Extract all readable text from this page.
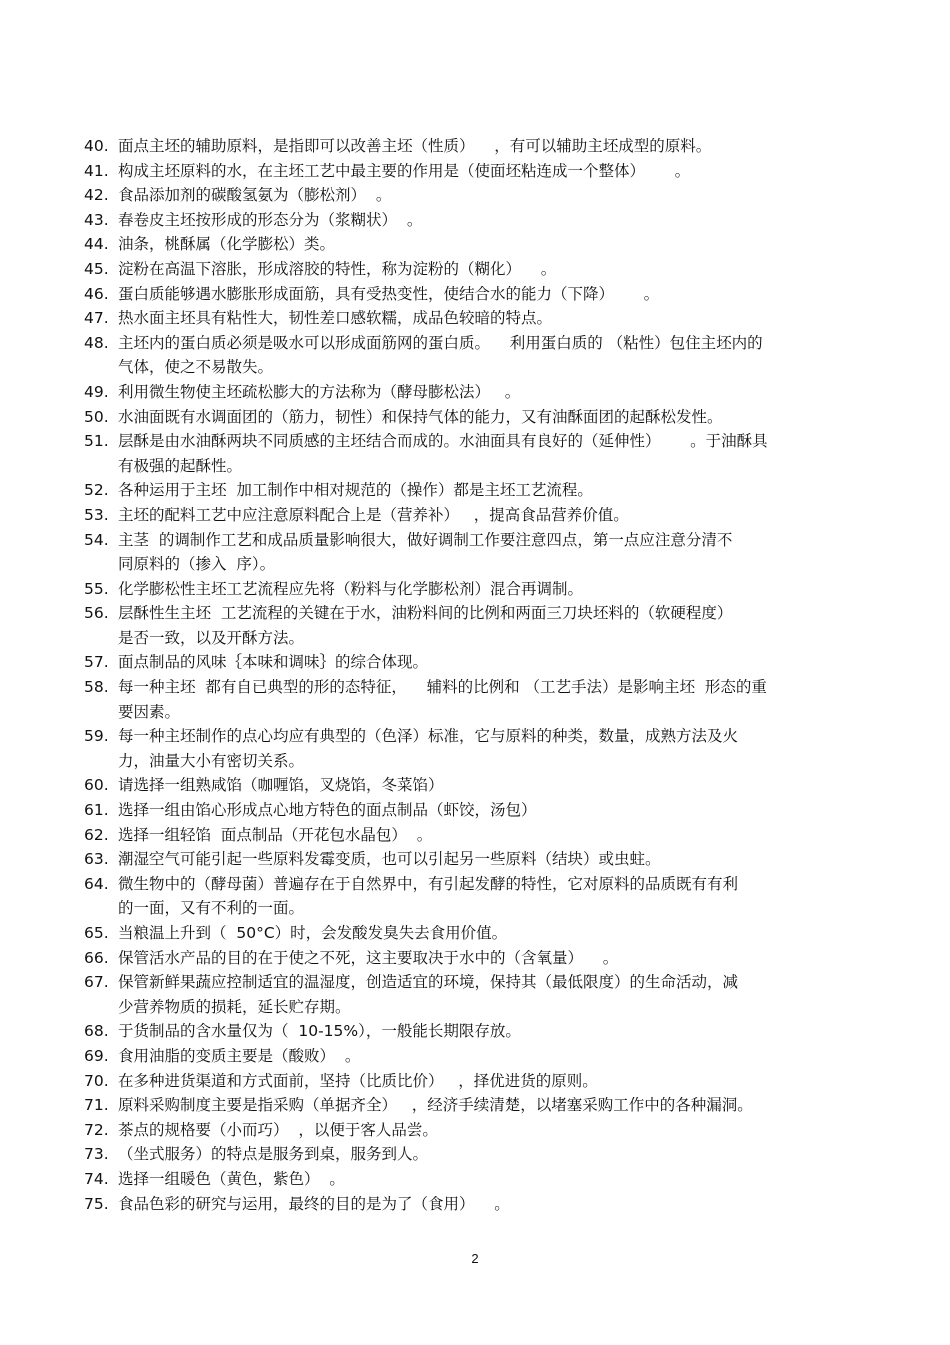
40. 面点主坯的辅助原料，是指即可以改善主坯（性质）    ，有可以辅助主坯成型的原料。
41. 构成主坯原料的水，在主坯工艺中最主要的作用是（使面坯粘连成一个整体）      。
42. 食品添加剂的碳酸氢氨为（膨松剂）  。
43. 春卷皮主坯按形成的形态分为（浆糊状）  。
44. 油条，桃酥属（化学膨松）类。
45. 淀粉在高温下溶胀，形成溶胶的特性，称为淀粉的（糊化）    。
46. 蛋白质能够遇水膨胀形成面筋，具有受热变性，使结合水的能力（下降）      。
47. 热水面主坯具有粘性大，韧性差口感软糯，成品色较暗的特点。
48. 主坯内的蛋白质必须是吸水可以形成面筋网的蛋白质。    利用蛋白质的 （粘性）包住主坯内的
气体，使之不易散失。
49. 利用微生物使主坯疏松膨大的方法称为（酵母膨松法）   。
50. 水油面既有水调面团的（筋力，韧性）和保持气体的能力，又有油酥面团的起酥松发性。
51. 层酥是由水油酥两块不同质感的主坯结合而成的。水油面具有良好的（延伸性）      。于油酥具
有极强的起酥性。
52. 各种运用于主坯  加工制作中相对规范的（操作）都是主坯工艺流程。
53. 主坯的配料工艺中应注意原料配合上是（营养补）   ，提高食品营养价值。
54. 主茎  的调制作工艺和成品质量影响很大，做好调制工作要注意四点，第一点应注意分清不
同原料的（掺入  序）。
55. 化学膨松性主坯工艺流程应先将（粉料与化学膨松剂）混合再调制。
56. 层酥性生主坯  工艺流程的关键在于水，油粉料间的比例和两面三刀块坯料的（软硬程度）
是否一致，以及开酥方法。
57. 面点制品的风味｛本味和调味｝的综合体现。
58. 每一种主坯  都有自已典型的形的态特征，    辅料的比例和 （工艺手法）是影响主坯  形态的重
要因素。
59. 每一种主坯制作的点心均应有典型的（色泽）标准，它与原料的种类，数量，成熟方法及火
力，油量大小有密切关系。
60. 请选择一组熟咸馅（咖喱馅，叉烧馅，冬菜馅）
61. 选择一组由馅心形成点心地方特色的面点制品（虾饺，汤包）
62. 选择一组轻馅  面点制品（开花包水晶包）  。
63. 潮湿空气可能引起一些原料发霉变质，也可以引起另一些原料（结块）或虫蛀。
64. 微生物中的（酵母菌）普遍存在于自然界中，有引起发酵的特性，它对原料的品质既有有利
的一面，又有不利的一面。
65. 当粮温上升到（  50°C）时，会发酸发臭失去食用价值。
66. 保管活水产品的目的在于使之不死，这主要取决于水中的（含氧量）    。
67. 保管新鲜果蔬应控制适宜的温湿度，创造适宜的环境，保持其（最低限度）的生命活动，减
少营养物质的损耗，延长贮存期。
68. 于货制品的含水量仅为（  10-15%），一般能长期限存放。
69. 食用油脂的变质主要是（酸败）  。
70. 在多种进货渠道和方式面前，坚持（比质比价）   ，择优进货的原则。
71. 原料采购制度主要是指采购（单据齐全）   ，经济手续清楚，以堵塞采购工作中的各种漏洞。
72. 茶点的规格要（小而巧）  ，以便于客人品尝。
73. （坐式服务）的特点是服务到桌，服务到人。
74. 选择一组暖色（黄色，紫色）  。
75. 食品色彩的研究与运用，最终的目的是为了（食用）    。
2
